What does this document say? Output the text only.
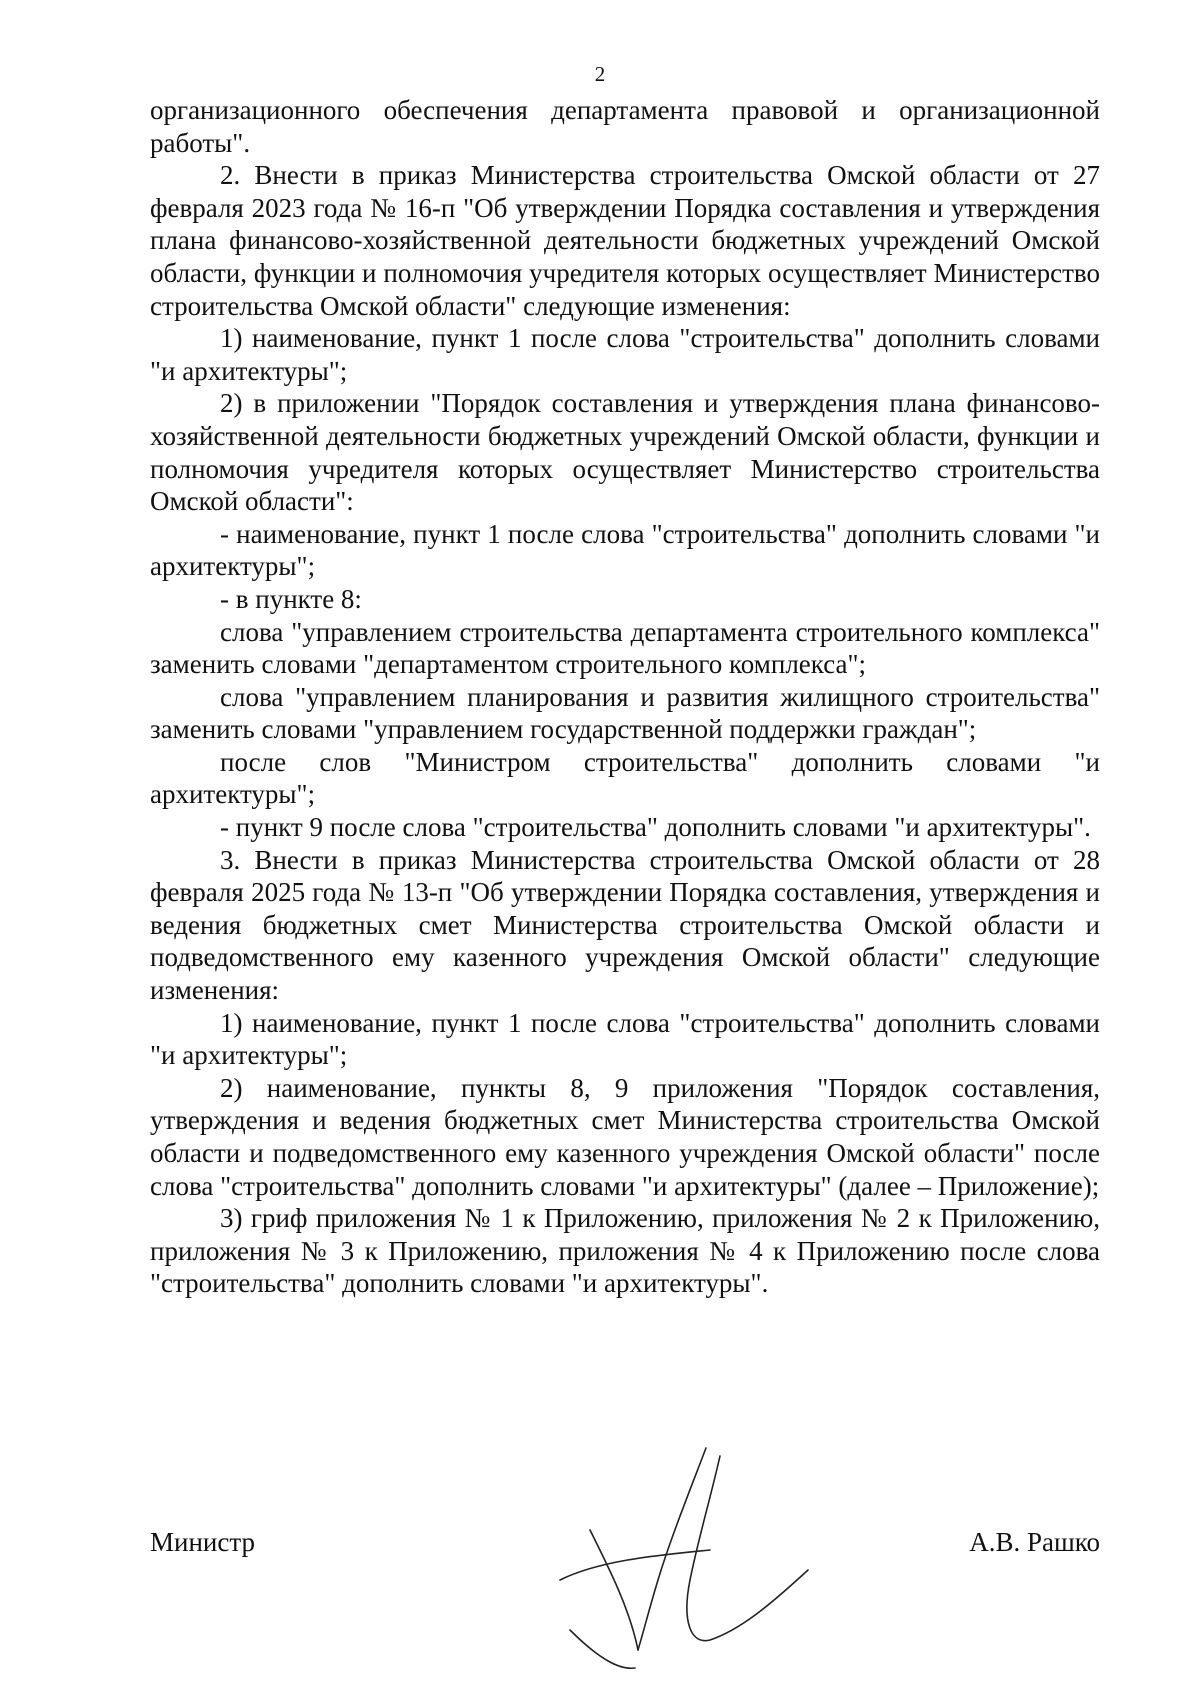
2

организационного обеспечения департамента правовой и организационной работы".

2. Внести в приказ Министерства строительства Омской области от 27 февраля 2023 года № 16-п "Об утверждении Порядка составления и утверждения плана финансово-хозяйственной деятельности бюджетных учреждений Омской области, функции и полномочия учредителя которых осуществляет Министерство строительства Омской области" следующие изменения:

1) наименование, пункт 1 после слова "строительства" дополнить словами "и архитектуры";

2) в приложении "Порядок составления и утверждения плана финансово-хозяйственной деятельности бюджетных учреждений Омской области, функции и полномочия учредителя которых осуществляет Министерство строительства Омской области":

- наименование, пункт 1 после слова "строительства" дополнить словами "и архитектуры";

- в пункте 8:

слова "управлением строительства департамента строительного комплекса" заменить словами "департаментом строительного комплекса";

слова "управлением планирования и развития жилищного строительства" заменить словами "управлением государственной поддержки граждан";

после слов "Министром строительства" дополнить словами "и архитектуры";

- пункт 9 после слова "строительства" дополнить словами "и архитектуры".

3. Внести в приказ Министерства строительства Омской области от 28 февраля 2025 года № 13-п "Об утверждении Порядка составления, утверждения и ведения бюджетных смет Министерства строительства Омской области и подведомственного ему казенного учреждения Омской области" следующие изменения:

1) наименование, пункт 1 после слова "строительства" дополнить словами "и архитектуры";

2) наименование, пункты 8, 9 приложения "Порядок составления, утверждения и ведения бюджетных смет Министерства строительства Омской области и подведомственного ему казенного учреждения Омской области" после слова "строительства" дополнить словами "и архитектуры" (далее – Приложение);

3) гриф приложения № 1 к Приложению, приложения № 2 к Приложению, приложения № 3 к Приложению, приложения № 4 к Приложению после слова "строительства" дополнить словами "и архитектуры".

Министр	А.В. Рашко
